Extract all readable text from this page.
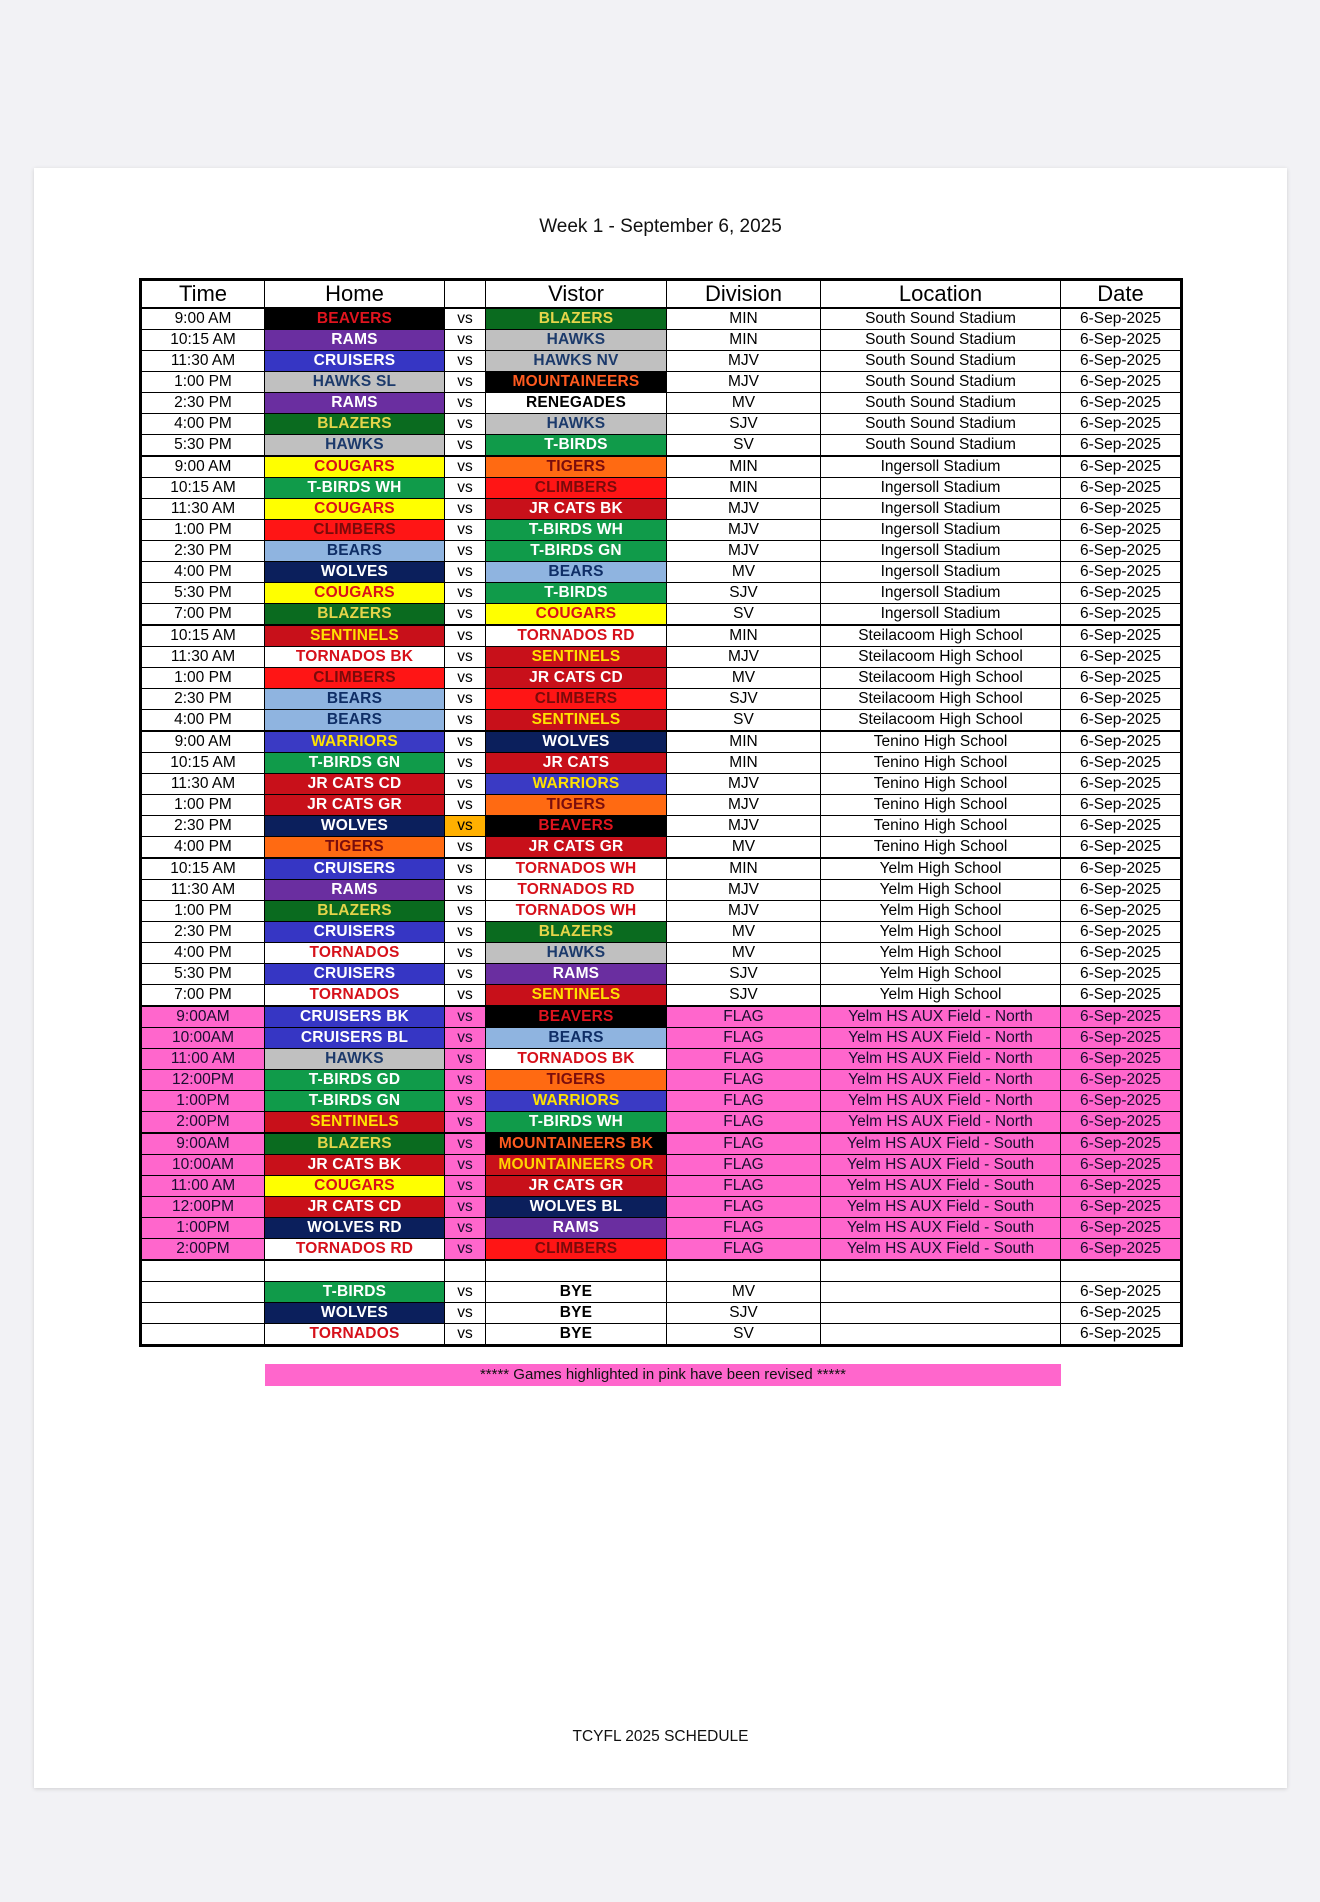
Week 1 - September 6, 2025
Time	Home		Vistor	Division	Location	Date
9:00 AM	BEAVERS	vs	BLAZERS	MIN	South Sound Stadium	6-Sep-2025
10:15 AM	RAMS	vs	HAWKS	MIN	South Sound Stadium	6-Sep-2025
11:30 AM	CRUISERS	vs	HAWKS NV	MJV	South Sound Stadium	6-Sep-2025
1:00 PM	HAWKS SL	vs	MOUNTAINEERS	MJV	South Sound Stadium	6-Sep-2025
2:30 PM	RAMS	vs	RENEGADES	MV	South Sound Stadium	6-Sep-2025
4:00 PM	BLAZERS	vs	HAWKS	SJV	South Sound Stadium	6-Sep-2025
5:30 PM	HAWKS	vs	T-BIRDS	SV	South Sound Stadium	6-Sep-2025
9:00 AM	COUGARS	vs	TIGERS	MIN	Ingersoll Stadium	6-Sep-2025
10:15 AM	T-BIRDS WH	vs	CLIMBERS	MIN	Ingersoll Stadium	6-Sep-2025
11:30 AM	COUGARS	vs	JR CATS BK	MJV	Ingersoll Stadium	6-Sep-2025
1:00 PM	CLIMBERS	vs	T-BIRDS WH	MJV	Ingersoll Stadium	6-Sep-2025
2:30 PM	BEARS	vs	T-BIRDS GN	MJV	Ingersoll Stadium	6-Sep-2025
4:00 PM	WOLVES	vs	BEARS	MV	Ingersoll Stadium	6-Sep-2025
5:30 PM	COUGARS	vs	T-BIRDS	SJV	Ingersoll Stadium	6-Sep-2025
7:00 PM	BLAZERS	vs	COUGARS	SV	Ingersoll Stadium	6-Sep-2025
10:15 AM	SENTINELS	vs	TORNADOS RD	MIN	Steilacoom High School	6-Sep-2025
11:30 AM	TORNADOS BK	vs	SENTINELS	MJV	Steilacoom High School	6-Sep-2025
1:00 PM	CLIMBERS	vs	JR CATS CD	MV	Steilacoom High School	6-Sep-2025
2:30 PM	BEARS	vs	CLIMBERS	SJV	Steilacoom High School	6-Sep-2025
4:00 PM	BEARS	vs	SENTINELS	SV	Steilacoom High School	6-Sep-2025
9:00 AM	WARRIORS	vs	WOLVES	MIN	Tenino High School	6-Sep-2025
10:15 AM	T-BIRDS GN	vs	JR CATS	MIN	Tenino High School	6-Sep-2025
11:30 AM	JR CATS CD	vs	WARRIORS	MJV	Tenino High School	6-Sep-2025
1:00 PM	JR CATS GR	vs	TIGERS	MJV	Tenino High School	6-Sep-2025
2:30 PM	WOLVES	vs	BEAVERS	MJV	Tenino High School	6-Sep-2025
4:00 PM	TIGERS	vs	JR CATS GR	MV	Tenino High School	6-Sep-2025
10:15 AM	CRUISERS	vs	TORNADOS WH	MIN	Yelm High School	6-Sep-2025
11:30 AM	RAMS	vs	TORNADOS RD	MJV	Yelm High School	6-Sep-2025
1:00 PM	BLAZERS	vs	TORNADOS WH	MJV	Yelm High School	6-Sep-2025
2:30 PM	CRUISERS	vs	BLAZERS	MV	Yelm High School	6-Sep-2025
4:00 PM	TORNADOS	vs	HAWKS	MV	Yelm High School	6-Sep-2025
5:30 PM	CRUISERS	vs	RAMS	SJV	Yelm High School	6-Sep-2025
7:00 PM	TORNADOS	vs	SENTINELS	SJV	Yelm High School	6-Sep-2025
9:00AM	CRUISERS BK	vs	BEAVERS	FLAG	Yelm HS AUX Field - North	6-Sep-2025
10:00AM	CRUISERS BL	vs	BEARS	FLAG	Yelm HS AUX Field - North	6-Sep-2025
11:00 AM	HAWKS	vs	TORNADOS BK	FLAG	Yelm HS AUX Field - North	6-Sep-2025
12:00PM	T-BIRDS GD	vs	TIGERS	FLAG	Yelm HS AUX Field - North	6-Sep-2025
1:00PM	T-BIRDS GN	vs	WARRIORS	FLAG	Yelm HS AUX Field - North	6-Sep-2025
2:00PM	SENTINELS	vs	T-BIRDS WH	FLAG	Yelm HS AUX Field - North	6-Sep-2025
9:00AM	BLAZERS	vs	MOUNTAINEERS BK	FLAG	Yelm HS AUX Field - South	6-Sep-2025
10:00AM	JR CATS BK	vs	MOUNTAINEERS OR	FLAG	Yelm HS AUX Field - South	6-Sep-2025
11:00 AM	COUGARS	vs	JR CATS GR	FLAG	Yelm HS AUX Field - South	6-Sep-2025
12:00PM	JR CATS CD	vs	WOLVES BL	FLAG	Yelm HS AUX Field - South	6-Sep-2025
1:00PM	WOLVES RD	vs	RAMS	FLAG	Yelm HS AUX Field - South	6-Sep-2025
2:00PM	TORNADOS RD	vs	CLIMBERS	FLAG	Yelm HS AUX Field - South	6-Sep-2025

	T-BIRDS	vs	BYE	MV		6-Sep-2025
	WOLVES	vs	BYE	SJV		6-Sep-2025
	TORNADOS	vs	BYE	SV		6-Sep-2025
***** Games highlighted in pink have been revised *****
TCYFL 2025 SCHEDULE
